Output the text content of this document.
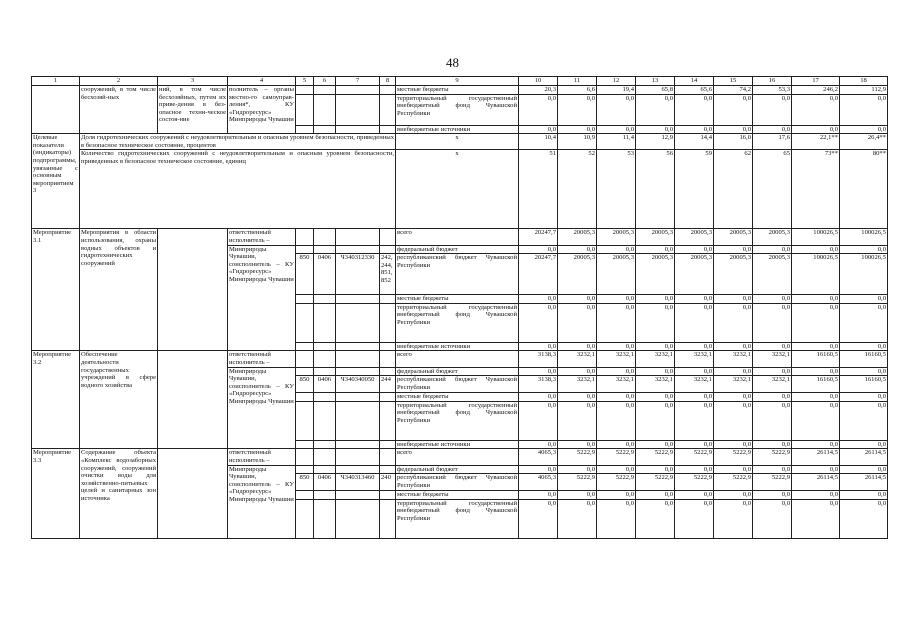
48
1	2	3	4	5	6	7	8	9	10	11	12	13	14	15	16	17	18
	сооружений, в том числе бесхозяй-ных	ний, в том числе бесхозяйных, путем их приве-дения в без-опасное техни-ческое состоя-ние	полнитель – органы местно-го самоуправ-ления*, КУ «Гидроресурс» Минприроды Чувашии					местные бюджеты	20,3	6,6	19,4	65,8	65,6	74,2	53,3	246,2	112,9
								территориальный государственный внебюджетный фонд Чувашской Республики	0,0	0,0	0,0	0,0	0,0	0,0	0,0	0,0	0,0
								внебюджетные источники	0,0	0,0	0,0	0,0	0,0	0,0	0,0	0,0	0,0
Целевые показатели (индикаторы) подпрограммы, увязанные с основным мероприятием 3	Доля гидротехнических сооружений с неудовлетворительным и опасным уровнем безопасности, приведенных в безопасное техническое состояние, процентов							x	10,4	10,9	11,4	12,9	14,4	16,0	17,6	22,1**	26,4**
	Количество гидротехнических сооружений с неудовлетворительным и опасным уровнем безопасности, приведенных в безопасное техническое состояние, единиц							x	51	52	53	56	59	62	65	73**	80**
Мероприятие 3.1	Мероприятия в области использования, охраны водных объектов и гидротехнических сооружений		ответственный исполнитель –					всего	20247,7	20005,3	20005,3	20005,3	20005,3	20005,3	20005,3	100026,5	100026,5
			Минприроды Чувашии, соисполнитель – КУ «Гидроресурс» Минприроды Чувашии					федеральный бюджет	0,0	0,0	0,0	0,0	0,0	0,0	0,0	0,0	0,0
				850	0406	Ч340312330	242, 244, 851, 852	республиканский бюджет Чувашской Республики	20247,7	20005,3	20005,3	20005,3	20005,3	20005,3	20005,3	100026,5	100026,5
								местные бюджеты	0,0	0,0	0,0	0,0	0,0	0,0	0,0	0,0	0,0
								территориальный государственный внебюджетный фонд Чувашской Республики	0,0	0,0	0,0	0,0	0,0	0,0	0,0	0,0	0,0
								внебюджетные источники	0,0	0,0	0,0	0,0	0,0	0,0	0,0	0,0	0,0
Мероприятие 3.2	Обеспечение деятельности государственных учреждений в сфере водного хозяйства		ответственный исполнитель –					всего	3138,3	3232,1	3232,1	3232,1	3232,1	3232,1	3232,1	16160,5	16160,5
			Минприроды Чувашии, соисполнитель – КУ «Гидроресурс» Минприроды Чувашии					федеральный бюджет	0,0	0,0	0,0	0,0	0,0	0,0	0,0	0,0	0,0
				850	0406	Ч340340050	244	республиканский бюджет Чувашской Республики	3138,3	3232,1	3232,1	3232,1	3232,1	3232,1	3232,1	16160,5	16160,5
								местные бюджеты	0,0	0,0	0,0	0,0	0,0	0,0	0,0	0,0	0,0
								территориальный государственный внебюджетный фонд Чувашской Республики	0,0	0,0	0,0	0,0	0,0	0,0	0,0	0,0	0,0
								внебюджетные источники	0,0	0,0	0,0	0,0	0,0	0,0	0,0	0,0	0,0
Мероприятие 3.3	Содержание объекта «Комплекс водозаборных сооружений, сооружений очистки воды для хозяйственно-питьевых целей и санитарных зон источника		ответственный исполнитель –					всего	4065,3	5222,9	5222,9	5222,9	5222,9	5222,9	5222,9	26114,5	26114,5
			Минприроды Чувашии, соисполнитель – КУ «Гидроресурс» Минприроды Чувашии					федеральный бюджет	0,0	0,0	0,0	0,0	0,0	0,0	0,0	0,0	0,0
				850	0406	Ч340313460	240	республиканский бюджет Чувашской Республики	4065,3	5222,9	5222,9	5222,9	5222,9	5222,9	5222,9	26114,5	26114,5
								местные бюджеты	0,0	0,0	0,0	0,0	0,0	0,0	0,0	0,0	0,0
								территориальный государственный внебюджетный фонд Чувашской Республики	0,0	0,0	0,0	0,0	0,0	0,0	0,0	0,0	0,0
